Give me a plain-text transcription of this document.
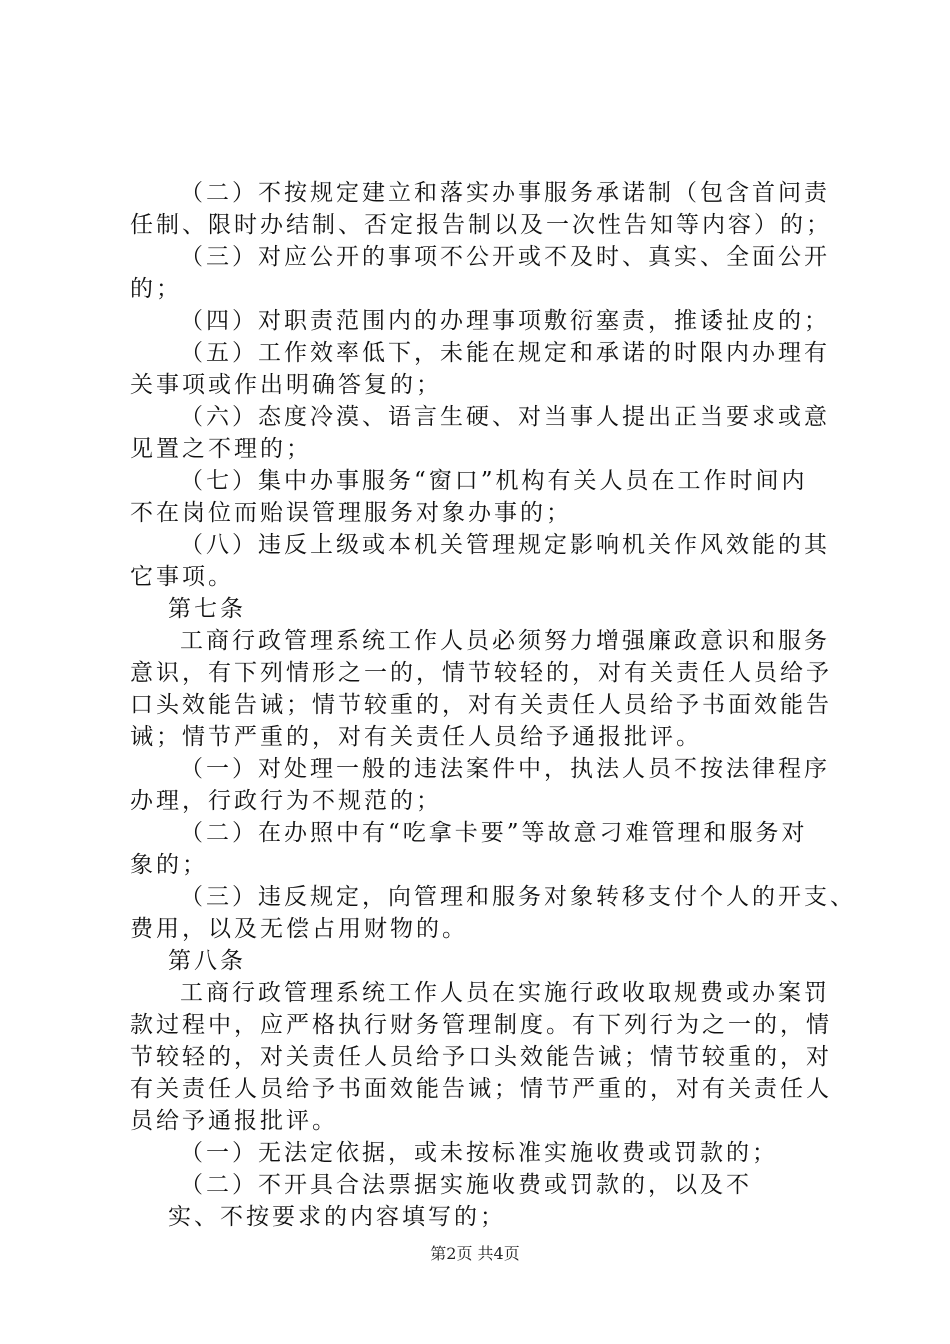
（二）不按规定建立和落实办事服务承诺制（包含首问责
任制、限时办结制、否定报告制以及一次性告知等内容）的；
（三）对应公开的事项不公开或不及时、真实、全面公开
的；
（四）对职责范围内的办理事项敷衍塞责，推诿扯皮的；
（五）工作效率低下，未能在规定和承诺的时限内办理有
关事项或作出明确答复的；
（六）态度冷漠、语言生硬、对当事人提出正当要求或意
见置之不理的；
（七）集中办事服务“窗口”机构有关人员在工作时间内
不在岗位而贻误管理服务对象办事的；
（八）违反上级或本机关管理规定影响机关作风效能的其
它事项。
第七条
工商行政管理系统工作人员必须努力增强廉政意识和服务
意识，有下列情形之一的，情节较轻的，对有关责任人员给予
口头效能告诫；情节较重的，对有关责任人员给予书面效能告
诫；情节严重的，对有关责任人员给予通报批评。
（一）对处理一般的违法案件中，执法人员不按法律程序
办理，行政行为不规范的；
（二）在办照中有“吃拿卡要”等故意刁难管理和服务对
象的；
（三）违反规定，向管理和服务对象转移支付个人的开支、
费用，以及无偿占用财物的。
第八条
工商行政管理系统工作人员在实施行政收取规费或办案罚
款过程中，应严格执行财务管理制度。有下列行为之一的，情
节较轻的，对关责任人员给予口头效能告诫；情节较重的，对
有关责任人员给予书面效能告诫；情节严重的，对有关责任人
员给予通报批评。
（一）无法定依据，或未按标准实施收费或罚款的；
（二）不开具合法票据实施收费或罚款的，以及不
实、不按要求的内容填写的；
第2页 共4页
